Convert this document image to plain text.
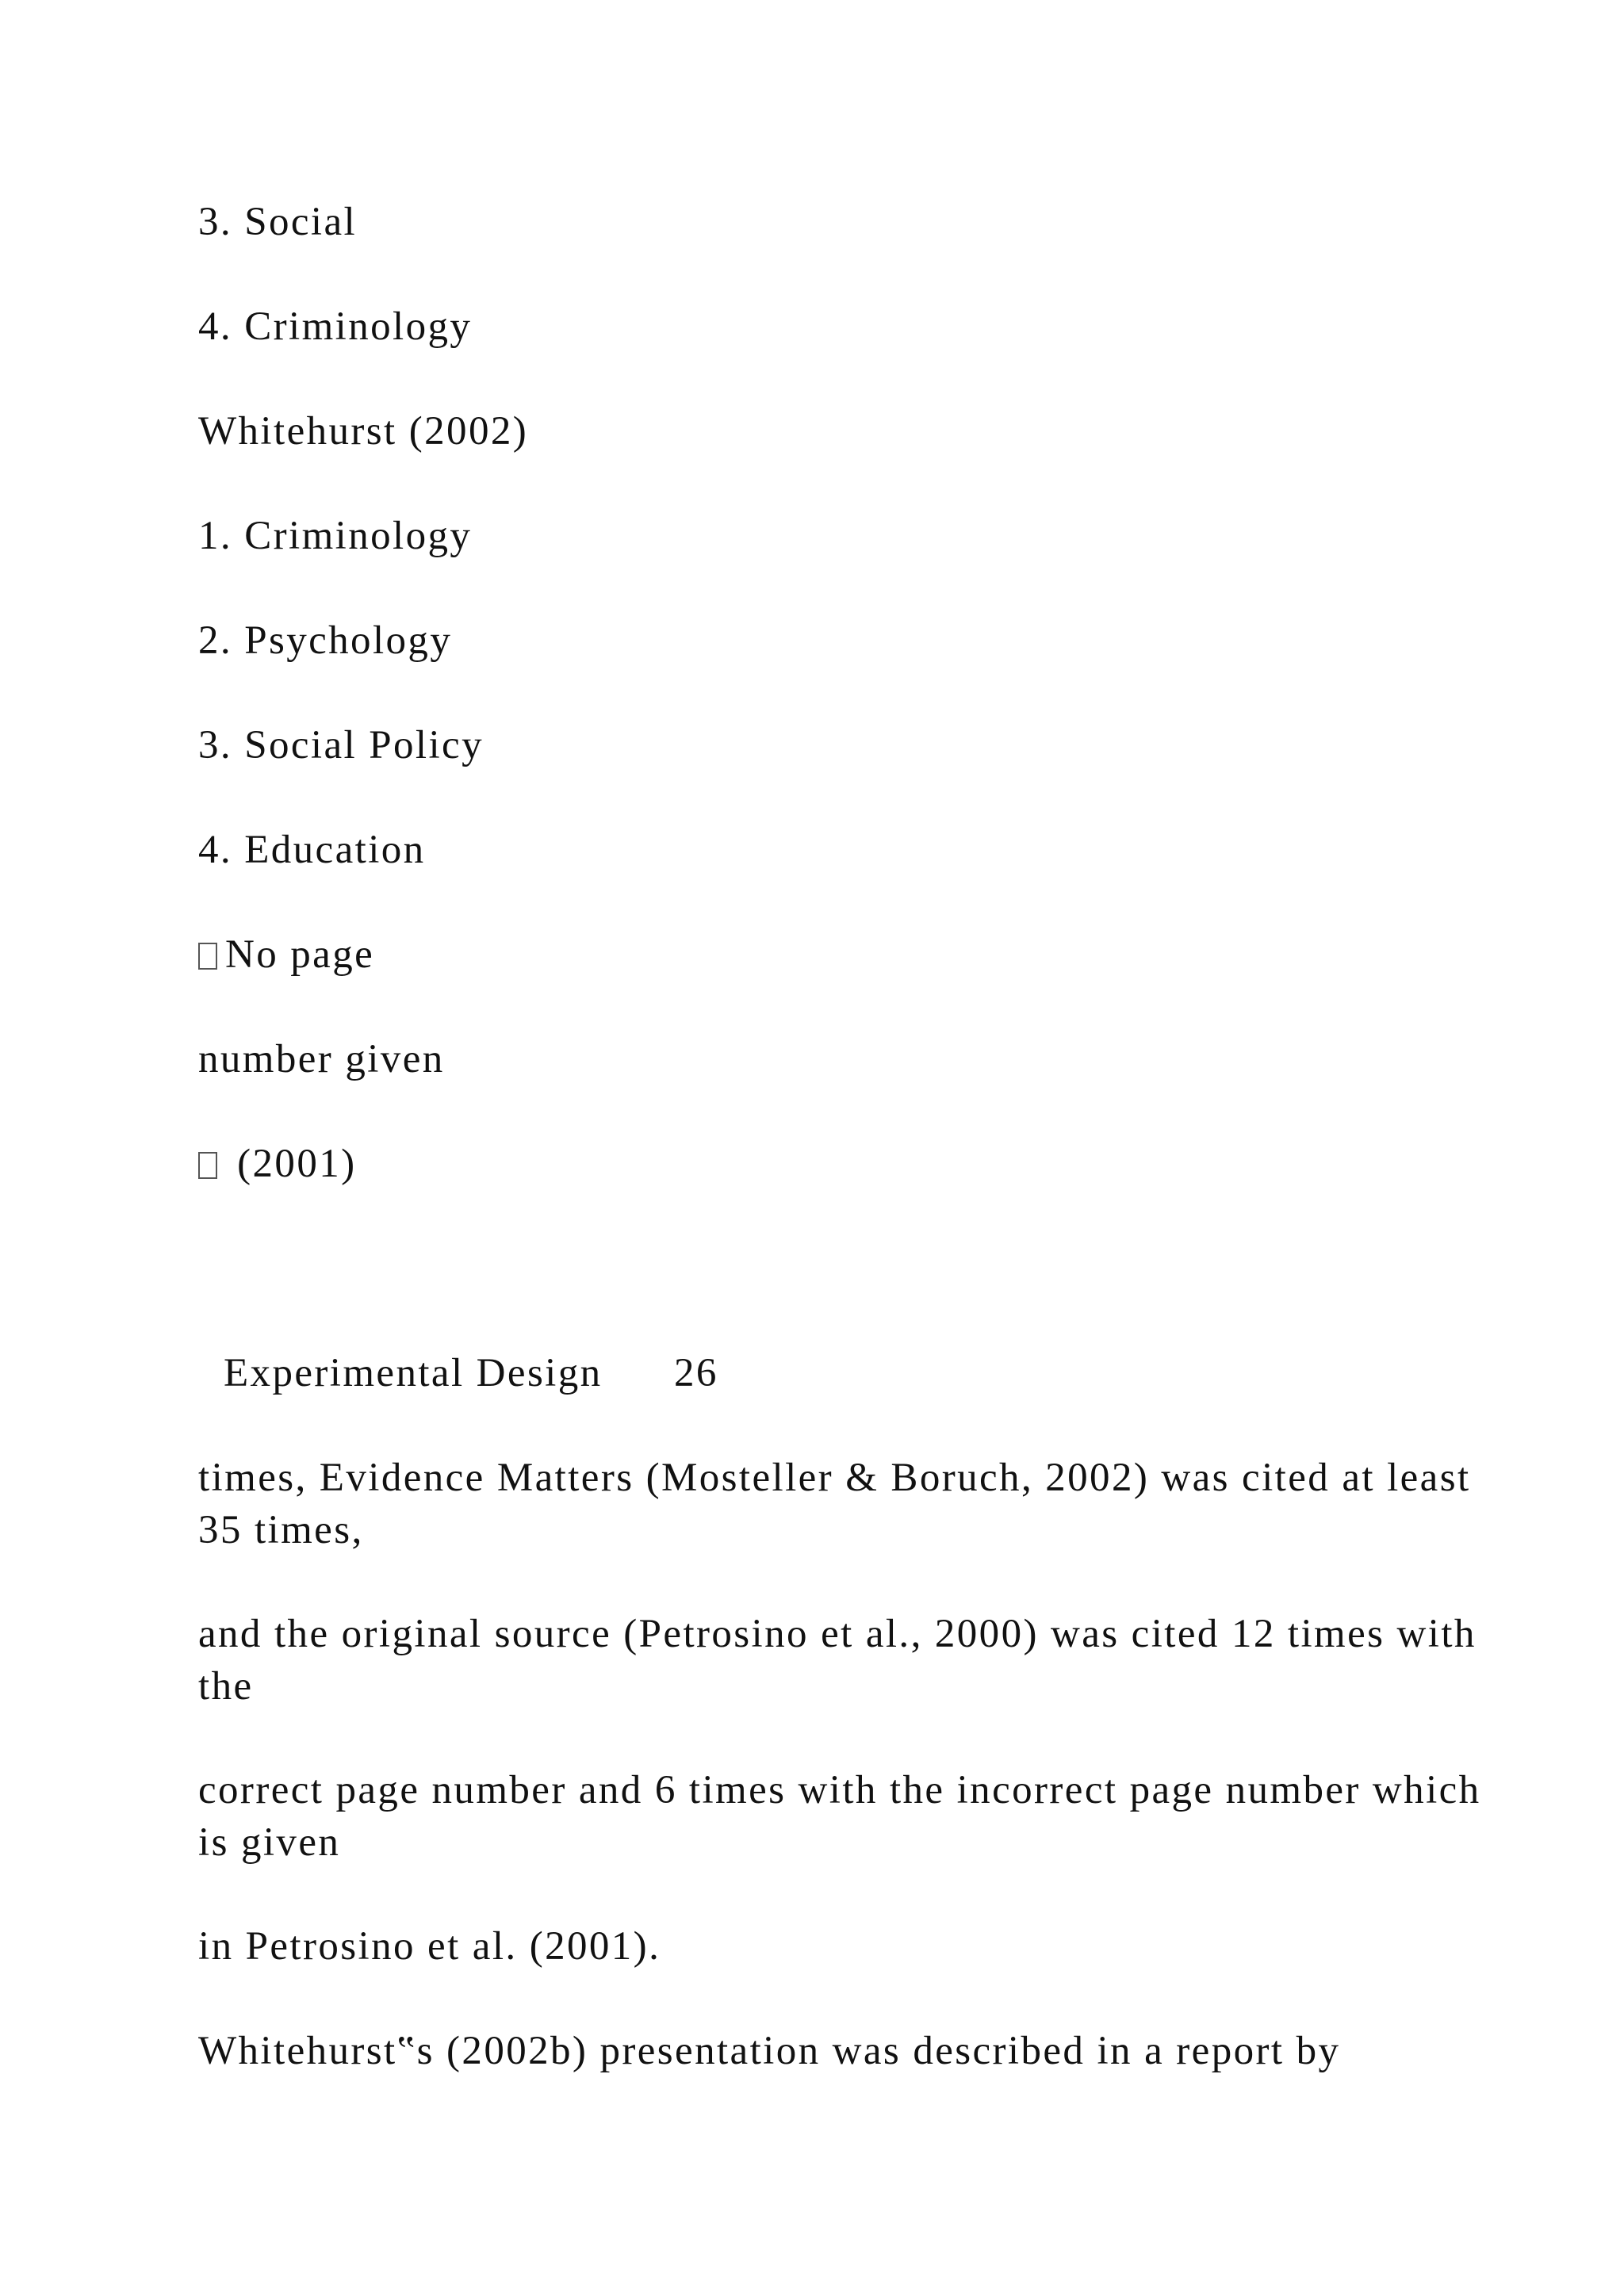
3. Social

4. Criminology

Whitehurst (2002)

1. Criminology

2. Psychology

3. Social Policy

4. Education

No page

number given

(2001)

Experimental Design 26

times, Evidence Matters (Mosteller & Boruch, 2002) was cited at least 35 times,

and the original source (Petrosino et al., 2000) was cited 12 times with the

correct page number and 6 times with the incorrect page number which is given

in Petrosino et al. (2001).

Whitehurst‟s (2002b) presentation was described in a report by
